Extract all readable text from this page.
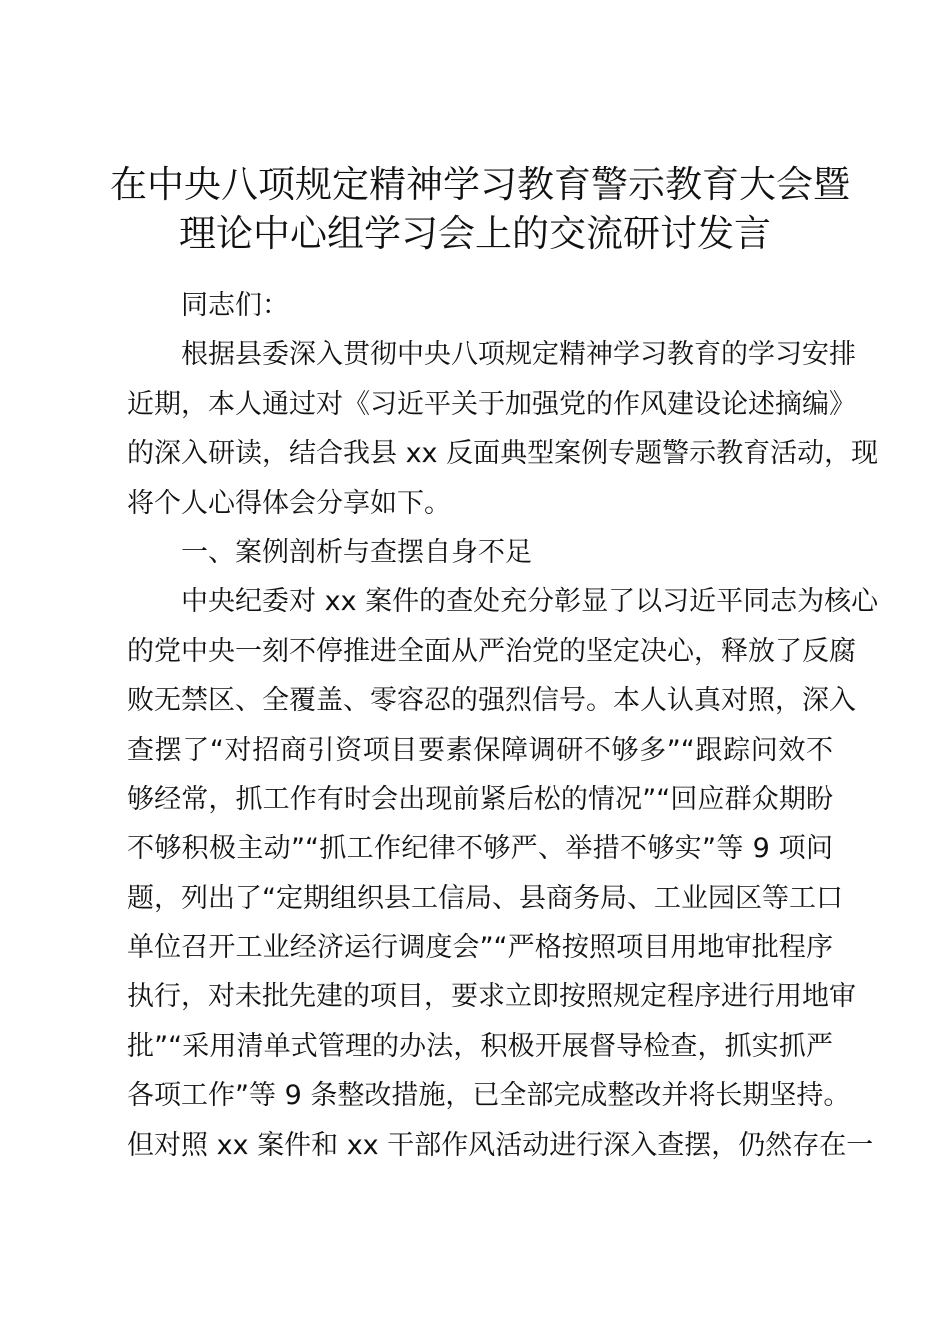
在中央八项规定精神学习教育警示教育大会暨
理论中心组学习会上的交流研讨发言
同志们：
根据县委深入贯彻中央八项规定精神学习教育的学习安排
近期，本人通过对《习近平关于加强党的作风建设论述摘编》
的深入研读，结合我县 xx 反面典型案例专题警示教育活动，现
将个人心得体会分享如下。
一、案例剖析与查摆自身不足
中央纪委对 xx 案件的查处充分彰显了以习近平同志为核心
的党中央一刻不停推进全面从严治党的坚定决心，释放了反腐
败无禁区、全覆盖、零容忍的强烈信号。本人认真对照，深入
查摆了“对招商引资项目要素保障调研不够多”“跟踪问效不
够经常，抓工作有时会出现前紧后松的情况”“回应群众期盼
不够积极主动”“抓工作纪律不够严、举措不够实”等 9 项问
题，列出了“定期组织县工信局、县商务局、工业园区等工口
单位召开工业经济运行调度会”“严格按照项目用地审批程序
执行，对未批先建的项目，要求立即按照规定程序进行用地审
批”“采用清单式管理的办法，积极开展督导检查，抓实抓严
各项工作”等 9 条整改措施，已全部完成整改并将长期坚持。
但对照 xx 案件和 xx 干部作风活动进行深入查摆，仍然存在一
